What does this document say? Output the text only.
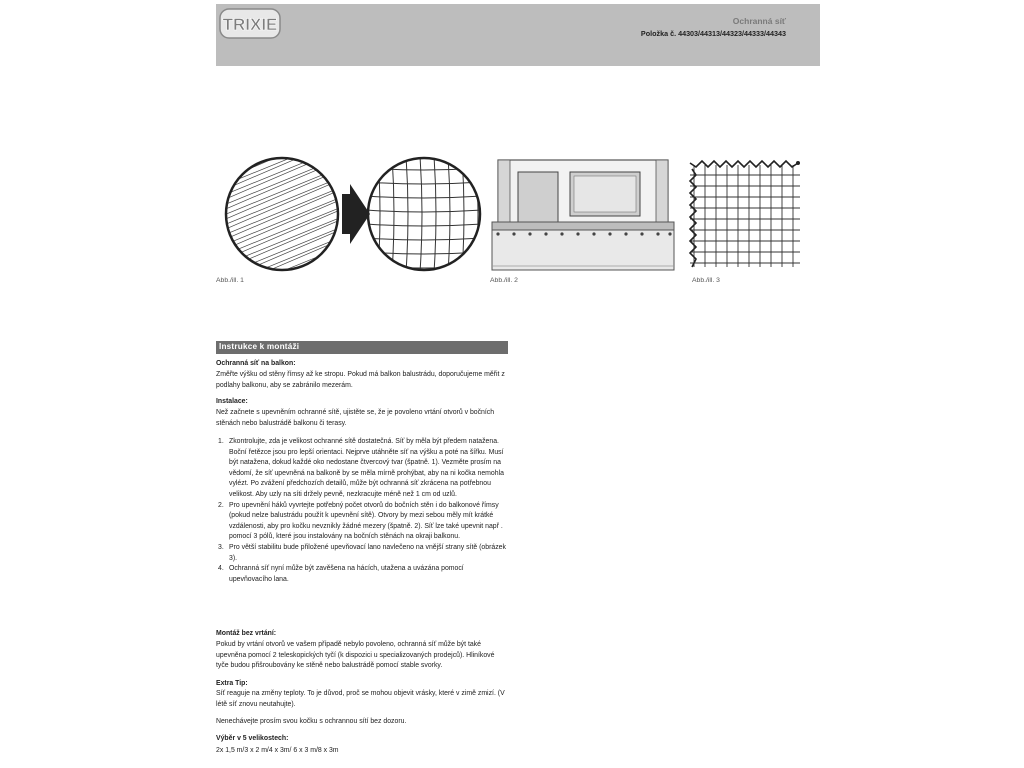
TRIXIE	Ochranná síť
Položka č. 44303/44313/44323/44333/44343
Abb./ill. 1	Abb./ill. 2	Abb./ill. 3
Instrukce k montáži
Ochranná síť na balkon:
Změřte výšku od stěny římsy až ke stropu. Pokud má balkon balustrádu, doporučujeme měřit z podlahy balkonu, aby se zabránilo mezerám.
Instalace:
Než začnete s upevněním ochranné sítě, ujistěte se, že je povoleno vrtání otvorů v bočních stěnách nebo balustrádě balkonu či terasy.
1. Zkontrolujte, zda je velikost ochranné sítě dostatečná. Síť by měla být předem natažena. Boční řetězce jsou pro lepší orientaci. Nejprve utáhněte síť na výšku a poté na šířku. Musí být natažena, dokud každé oko nedostane čtvercový tvar (špatně. 1). Vezměte prosím na vědomí, že síť upevněná na balkoně by se měla mírně prohýbat, aby na ni kočka nemohla vylézt. Po zvážení předchozích detailů, může být ochranná síť zkrácena na potřebnou velikost. Aby uzly na síti držely pevně, nezkracujte méně než 1 cm od uzlů.
2. Pro upevnění háků vyvrtejte potřebný počet otvorů do bočních stěn i do balkonové římsy (pokud nelze balustrádu použít k upevnění sítě). Otvory by mezi sebou měly mít krátké vzdálenosti, aby pro kočku nevznikly žádné mezery (špatně. 2). Síť lze také upevnit např . pomocí 3 pólů, které jsou instalovány na bočních stěnách na okraji balkonu.
3. Pro větší stabilitu bude přiložené upevňovací lano navlečeno na vnější strany sítě (obrázek 3).
4. Ochranná síť nyní může být zavěšena na hácích, utažena a uvázána pomocí upevňovacího lana.
Montáž bez vrtání:
Pokud by vrtání otvorů ve vašem případě nebylo povoleno, ochranná síť může být také upevněna pomocí 2 teleskopických tyčí (k dispozici u specializovaných prodejců). Hliníkové tyče budou přišroubovány ke stěně nebo balustrádě pomocí stable svorky.
Extra Tip:
Síť reaguje na změny teploty. To je důvod, proč se mohou objevit vrásky, které v zimě zmizí. (V létě síť znovu neutahujte).
Nenechávejte prosím svou kočku s ochrannou sítí bez dozoru.
Výběr v 5 velikostech:
2x 1,5 m/3 x 2 m/4 x 3m/ 6 x 3 m/8 x 3m
